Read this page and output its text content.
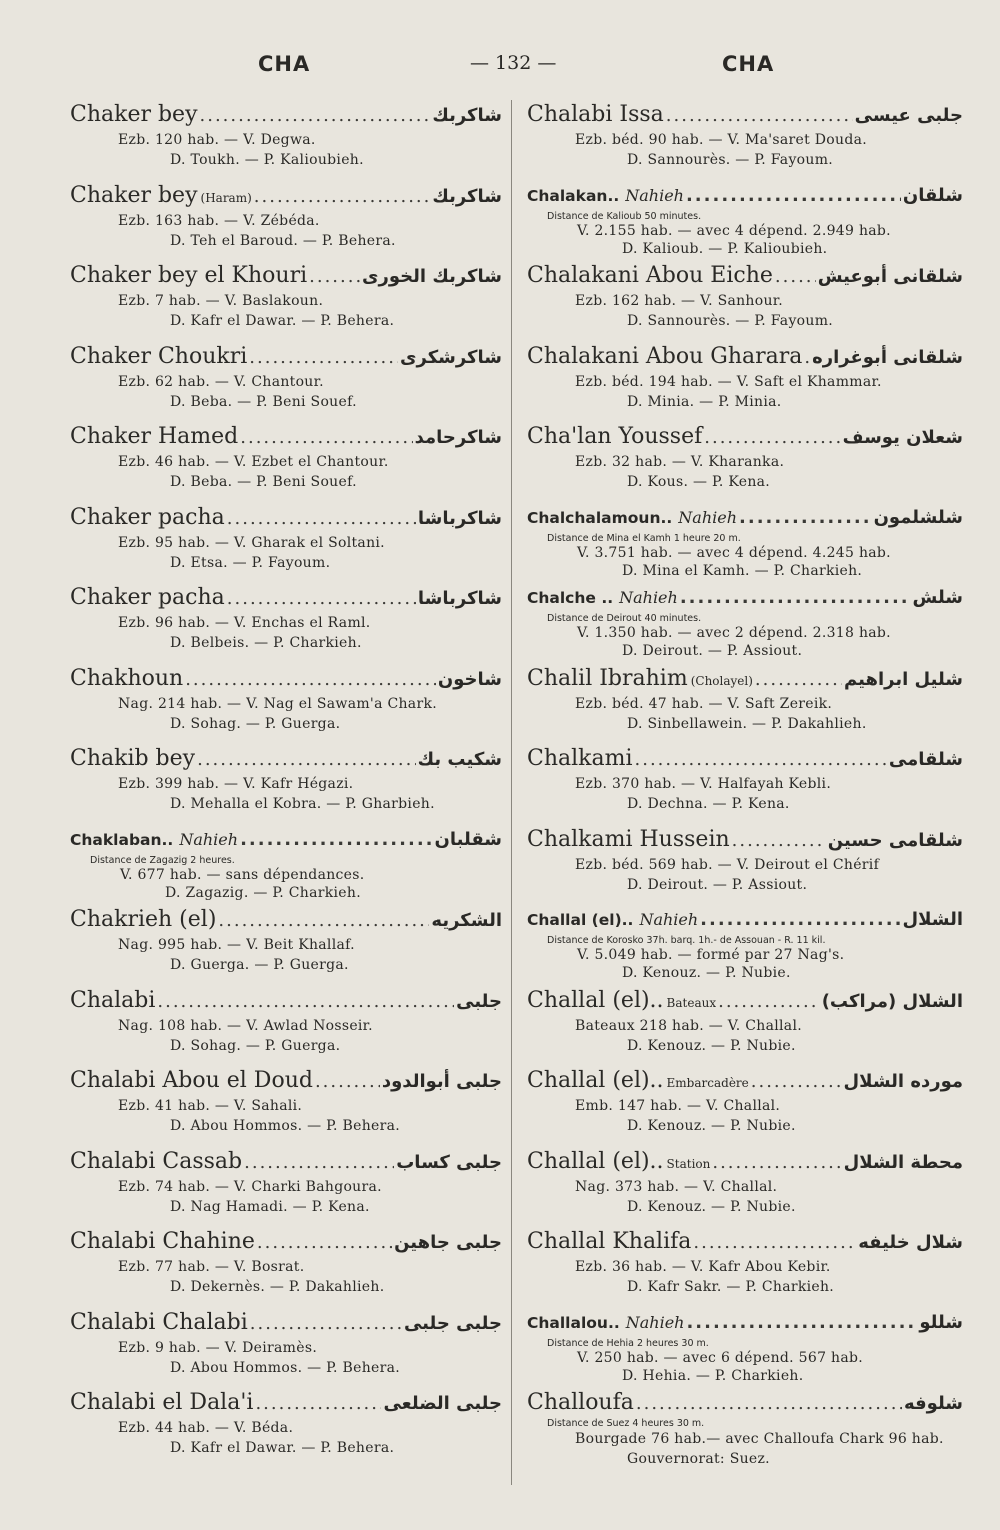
CHA	— 132 —	CHA
Chaker bey .....	شاكربك
Ezb. 120 hab. — V. Degwa.
D. Toukh. — P. Kalioubieh.
Chaker bey (Haram) .....	شاكربك
Ezb. 163 hab. — V. Zébéda.
D. Teh el Baroud. — P. Behera.
Chaker bey el Khouri .....	شاكربك الخورى
Ezb. 7 hab. — V. Baslakoun.
D. Kafr el Dawar. — P. Behera.
Chaker Choukri .....	شاكرشكرى
Ezb. 62 hab. — V. Chantour.
D. Beba. — P. Beni Souef.
Chaker Hamed .....	شاكرحامد
Ezb. 46 hab. — V. Ezbet el Chantour.
D. Beba. — P. Beni Souef.
Chaker pacha .....	شاكرباشا
Ezb. 95 hab. — V. Gharak el Soltani.
D. Etsa. — P. Fayoum.
Chaker pacha .....	شاكرباشا
Ezb. 96 hab. — V. Enchas el Raml.
D. Belbeis. — P. Charkieh.
Chakhoun .....	شاخون
Nag. 214 hab. — V. Nag el Sawam'a Chark.
D. Sohag. — P. Guerga.
Chakib bey .....	شكيب بك
Ezb. 399 hab. — V. Kafr Hégazi.
D. Mehalla el Kobra. — P. Gharbieh.
Chaklaban.. Nahieh .....	شقلبان
Distance de Zagazig 2 heures.
V. 677 hab. — sans dépendances.
D. Zagazig. — P. Charkieh.
Chakrieh (el) .....	الشكريه
Nag. 995 hab. — V. Beit Khallaf.
D. Guerga. — P. Guerga.
Chalabi .....	جلبى
Nag. 108 hab. — V. Awlad Nosseir.
D. Sohag. — P. Guerga.
Chalabi Abou el Doud .....	جلبى أبوالدود
Ezb. 41 hab. — V. Sahali.
D. Abou Hommos. — P. Behera.
Chalabi Cassab .....	جلبى كساب
Ezb. 74 hab. — V. Charki Bahgoura.
D. Nag Hamadi. — P. Kena.
Chalabi Chahine .....	جلبى جاهين
Ezb. 77 hab. — V. Bosrat.
D. Dekernès. — P. Dakahlieh.
Chalabi Chalabi .....	جلبى جلبى
Ezb. 9 hab. — V. Deiramès.
D. Abou Hommos. — P. Behera.
Chalabi el Dala'i .....	جلبى الضلعى
Ezb. 44 hab. — V. Béda.
D. Kafr el Dawar. — P. Behera.
Chalabi Issa .....	جلبى عيسى
Ezb. béd. 90 hab. — V. Ma'saret Douda.
D. Sannourès. — P. Fayoum.
Chalakan.. Nahieh .....	شلقان
Distance de Kalioub 50 minutes.
V. 2.155 hab. — avec 4 dépend. 2.949 hab.
D. Kalioub. — P. Kalioubieh.
Chalakani Abou Eiche ..... شلقانى أبوعيش
Ezb. 162 hab. — V. Sanhour.
D. Sannourès. — P. Fayoum.
Chalakani Abou Gharara ..... شلقانى أبوغراره
Ezb. béd. 194 hab. — V. Saft el Khammar.
D. Minia. — P. Minia.
Cha'lan Youssef .....	شعلان يوسف
Ezb. 32 hab. — V. Kharanka.
D. Kous. — P. Kena.
Chalchalamoun.. Nahieh .....	شلشلمون
Distance de Mina el Kamh 1 heure 20 m.
V. 3.751 hab. — avec 4 dépend. 4.245 hab.
D. Mina el Kamh. — P. Charkieh.
Chalche .. Nahieh .....	شلش
Distance de Deirout 40 minutes.
V. 1.350 hab. — avec 2 dépend. 2.318 hab.
D. Deirout. — P. Assiout.
Chalil Ibrahim (Cholayel) .....	شليل ابراهيم
Ezb. béd. 47 hab. — V. Saft Zereik.
D. Sinbellawein. — P. Dakahlieh.
Chalkami .....	شلقامى
Ezb. 370 hab. — V. Halfayah Kebli.
D. Dechna. — P. Kena.
Chalkami Hussein .....	شلقامى حسين
Ezb. béd. 569 hab. — V. Deirout el Chérif
D. Deirout. — P. Assiout.
Challal (el).. Nahieh .....	الشلال
Distance de Korosko 37h. barq. 1h.- de Assouan - R. 11 kil.
V. 5.049 hab. — formé par 27 Nag's.
D. Kenouz. — P. Nubie.
Challal (el).. Bateaux .....	الشلال (مراكب)
Bateaux 218 hab. — V. Challal.
D. Kenouz. — P. Nubie.
Challal (el).. Embarcadère .....	مورده الشلال
Emb. 147 hab. — V. Challal.
D. Kenouz. — P. Nubie.
Challal (el).. Station .....	محطة الشلال
Nag. 373 hab. — V. Challal.
D. Kenouz. — P. Nubie.
Challal Khalifa .....	شلال خليفه
Ezb. 36 hab. — V. Kafr Abou Kebir.
D. Kafr Sakr. — P. Charkieh.
Challalou.. Nahieh .....	شللو
Distance de Hehia 2 heures 30 m.
V. 250 hab. — avec 6 dépend. 567 hab.
D. Hehia. — P. Charkieh.
Challoufa .....	شلوفه
Distance de Suez 4 heures 30 m.
Bourgade 76 hab.— avec Challoufa Chark 96 hab.
Gouvernorat: Suez.
